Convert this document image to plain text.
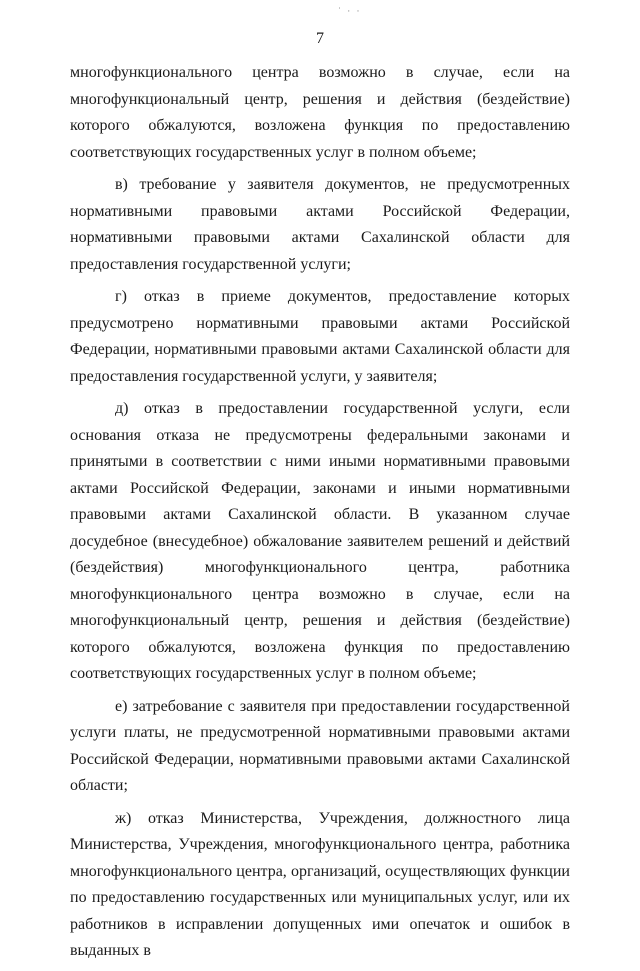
˙ · ·
7

многофункционального центра возможно в случае, если на многофункциональный центр, решения и действия (бездействие) которого обжалуются, возложена функция по предоставлению соответствующих государственных услуг в полном объеме;

в) требование у заявителя документов, не предусмотренных нормативными правовыми актами Российской Федерации, нормативными правовыми актами Сахалинской области для предоставления государственной услуги;

г) отказ в приеме документов, предоставление которых предусмотрено нормативными правовыми актами Российской Федерации, нормативными правовыми актами Сахалинской области для предоставления государственной услуги, у заявителя;

д) отказ в предоставлении государственной услуги, если основания отказа не предусмотрены федеральными законами и принятыми в соответствии с ними иными нормативными правовыми актами Российской Федерации, законами и иными нормативными правовыми актами Сахалинской области. В указанном случае досудебное (внесудебное) обжалование заявителем решений и действий (бездействия) многофункционального центра, работника многофункционального центра возможно в случае, если на многофункциональный центр, решения и действия (бездействие) которого обжалуются, возложена функция по предоставлению соответствующих государственных услуг в полном объеме;

е) затребование с заявителя при предоставлении государственной услуги платы, не предусмотренной нормативными правовыми актами Российской Федерации, нормативными правовыми актами Сахалинской области;

ж) отказ Министерства, Учреждения, должностного лица Министерства, Учреждения, многофункционального центра, работника многофункционального центра, организаций, осуществляющих функции по предоставлению государственных или муниципальных услуг, или их работников в исправлении допущенных ими опечаток и ошибок в выданных в
